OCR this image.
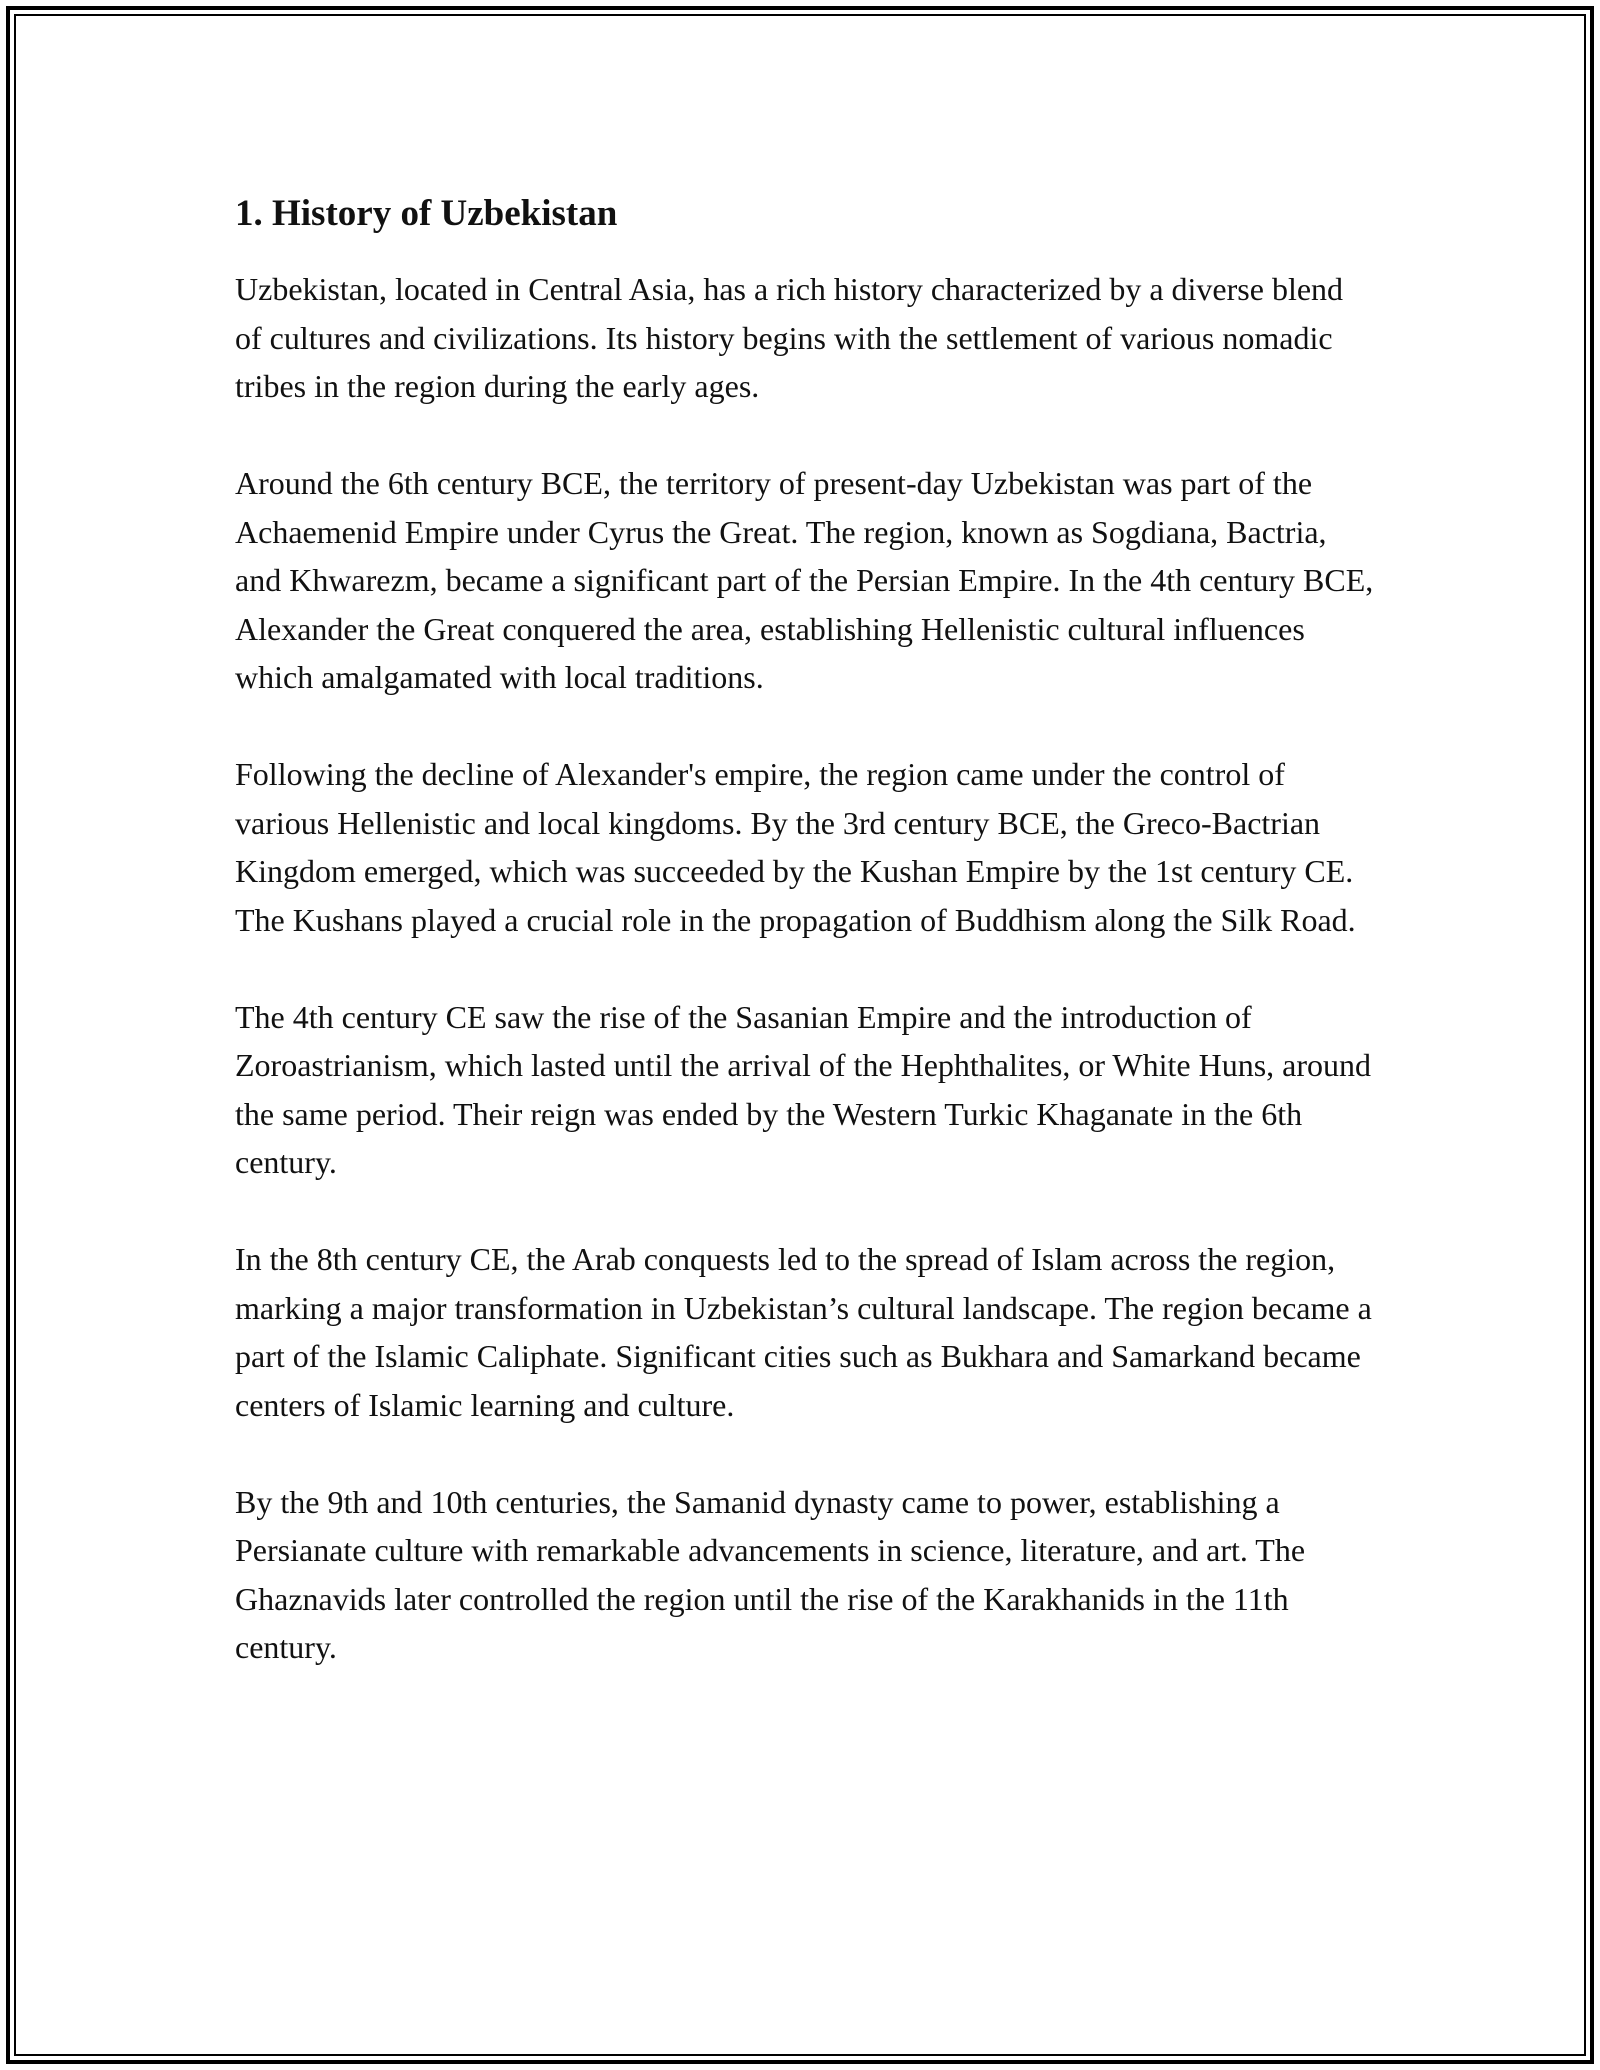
1. History of Uzbekistan

Uzbekistan, located in Central Asia, has a rich history characterized by a diverse blend of cultures and civilizations. Its history begins with the settlement of various nomadic tribes in the region during the early ages.

Around the 6th century BCE, the territory of present-day Uzbekistan was part of the Achaemenid Empire under Cyrus the Great. The region, known as Sogdiana, Bactria, and Khwarezm, became a significant part of the Persian Empire. In the 4th century BCE, Alexander the Great conquered the area, establishing Hellenistic cultural influences which amalgamated with local traditions.

Following the decline of Alexander's empire, the region came under the control of various Hellenistic and local kingdoms. By the 3rd century BCE, the Greco-Bactrian Kingdom emerged, which was succeeded by the Kushan Empire by the 1st century CE. The Kushans played a crucial role in the propagation of Buddhism along the Silk Road.

The 4th century CE saw the rise of the Sasanian Empire and the introduction of Zoroastrianism, which lasted until the arrival of the Hephthalites, or White Huns, around the same period. Their reign was ended by the Western Turkic Khaganate in the 6th century.

In the 8th century CE, the Arab conquests led to the spread of Islam across the region, marking a major transformation in Uzbekistan’s cultural landscape. The region became a part of the Islamic Caliphate. Significant cities such as Bukhara and Samarkand became centers of Islamic learning and culture.

By the 9th and 10th centuries, the Samanid dynasty came to power, establishing a Persianate culture with remarkable advancements in science, literature, and art. The Ghaznavids later controlled the region until the rise of the Karakhanids in the 11th century.
